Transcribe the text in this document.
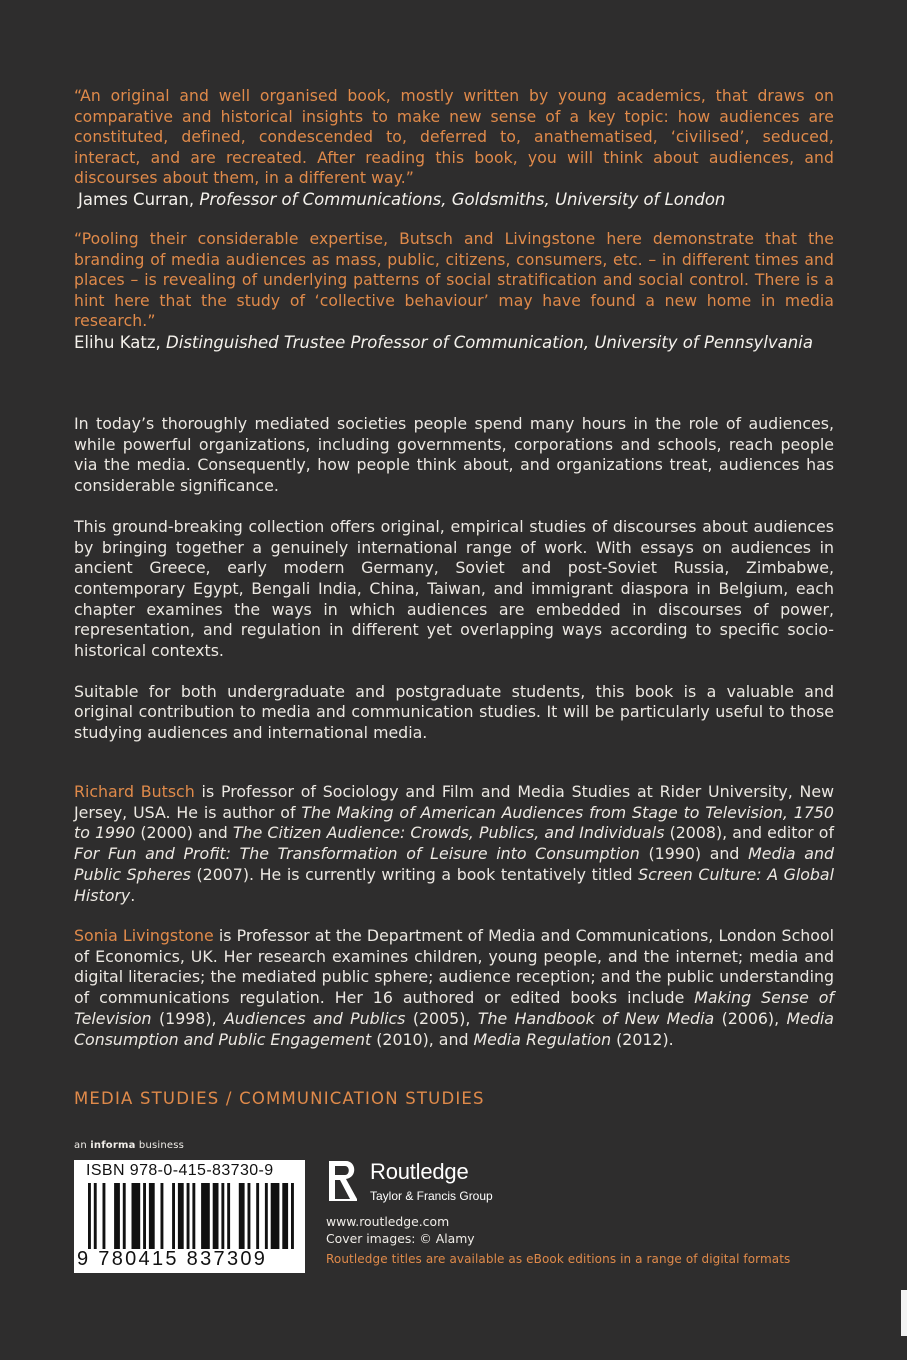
“An original and well organised book, mostly written by young academics, that draws on comparative and historical insights to make new sense of a key topic: how audiences are constituted, defined, condescended to, deferred to, anathematised, ‘civilised’, seduced, interact, and are recreated. After reading this book, you will think about audiences, and discourses about them, in a different way.”

James Curran, Professor of Communications, Goldsmiths, University of London

“Pooling their considerable expertise, Butsch and Livingstone here demonstrate that the branding of media audiences as mass, public, citizens, consumers, etc. – in different times and places – is revealing of underlying patterns of social stratification and social control. There is a hint here that the study of ‘collective behaviour’ may have found a new home in media research.”

Elihu Katz, Distinguished Trustee Professor of Communication, University of Pennsylvania

In today’s thoroughly mediated societies people spend many hours in the role of audiences, while powerful organizations, including governments, corporations and schools, reach people via the media. Consequently, how people think about, and organizations treat, audiences has considerable significance.

This ground-breaking collection offers original, empirical studies of discourses about audiences by bringing together a genuinely international range of work. With essays on audiences in ancient Greece, early modern Germany, Soviet and post-Soviet Russia, Zimbabwe, contemporary Egypt, Bengali India, China, Taiwan, and immigrant diaspora in Belgium, each chapter examines the ways in which audiences are embedded in discourses of power, representation, and regulation in different yet overlapping ways according to specific socio-historical contexts.

Suitable for both undergraduate and postgraduate students, this book is a valuable and original contribution to media and communication studies. It will be particularly useful to those studying audiences and international media.

Richard Butsch is Professor of Sociology and Film and Media Studies at Rider University, New Jersey, USA. He is author of The Making of American Audiences from Stage to Television, 1750 to 1990 (2000) and The Citizen Audience: Crowds, Publics, and Individuals (2008), and editor of For Fun and Profit: The Transformation of Leisure into Consumption (1990) and Media and Public Spheres (2007). He is currently writing a book tentatively titled Screen Culture: A Global History.

Sonia Livingstone is Professor at the Department of Media and Communications, London School of Economics, UK. Her research examines children, young people, and the internet; media and digital literacies; the mediated public sphere; audience reception; and the public understanding of communications regulation. Her 16 authored or edited books include Making Sense of Television (1998), Audiences and Publics (2005), The Handbook of New Media (2006), Media Consumption and Public Engagement (2010), and Media Regulation (2012).

MEDIA STUDIES / COMMUNICATION STUDIES
an informa business
ISBN 978-0-415-83730-9
9 780415 837309
Routledge
Taylor & Francis Group
www.routledge.com
Cover images: © Alamy
Routledge titles are available as eBook editions in a range of digital formats
